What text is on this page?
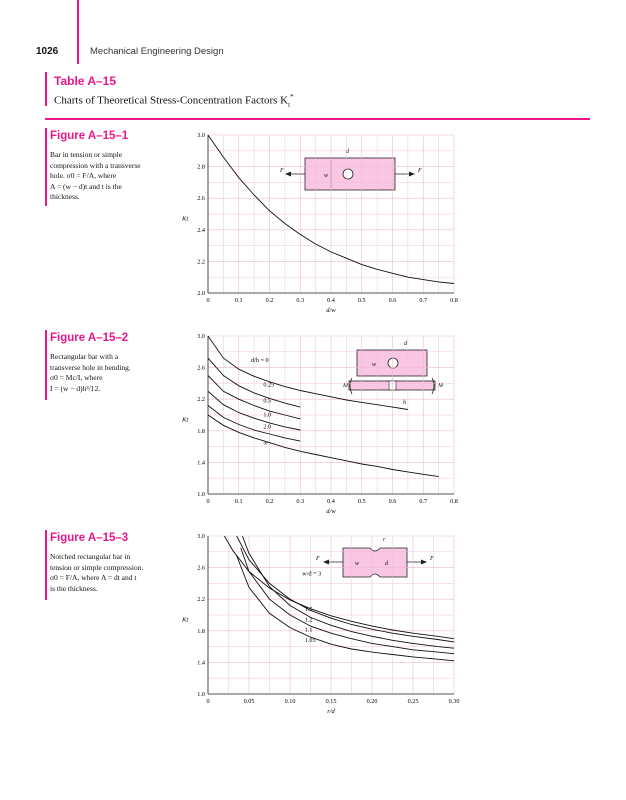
1026	Mechanical Engineering Design
Table A–15
Charts of Theoretical Stress-Concentration Factors $K_t^*$
Figure A–15–1
Bar in tension or simple
compression with a transverse
hole. σ0 = F/A, where
A = (w − d)t and t is the
thickness.
Figure A–15–2
Rectangular bar with a
transverse hole in bending.
σ0 = Mc/I, where
I = (w − d)h³/12.
Figure A–15–3
Notched rectangular bar in
tension or simple compression.
σ0 = F/A, where A = dt and t
is the thickness.
F	F
d
w
d
w
h
M	M
F	F
r
w	d
0	0.1	0.2	0.3	0.4	0.5	0.6	0.7	0.8
2.0
2.2
2.4
2.6
2.8
3.0
d/w
Kt
0	0.1	0.2	0.3	0.4	0.5	0.6	0.7	0.8
1.0
1.4
1.8
2.2
2.6
3.0
d/w
Kt
d/h = 0
0.25
0.5
1.0
2.0
∞
0	0.05	0.10	0.15	0.20	0.25	0.30
1.0
1.4
1.8
2.2
2.6
3.0
r/d
Kt
w/d = 3
1.5
1.2
1.1
1.05
